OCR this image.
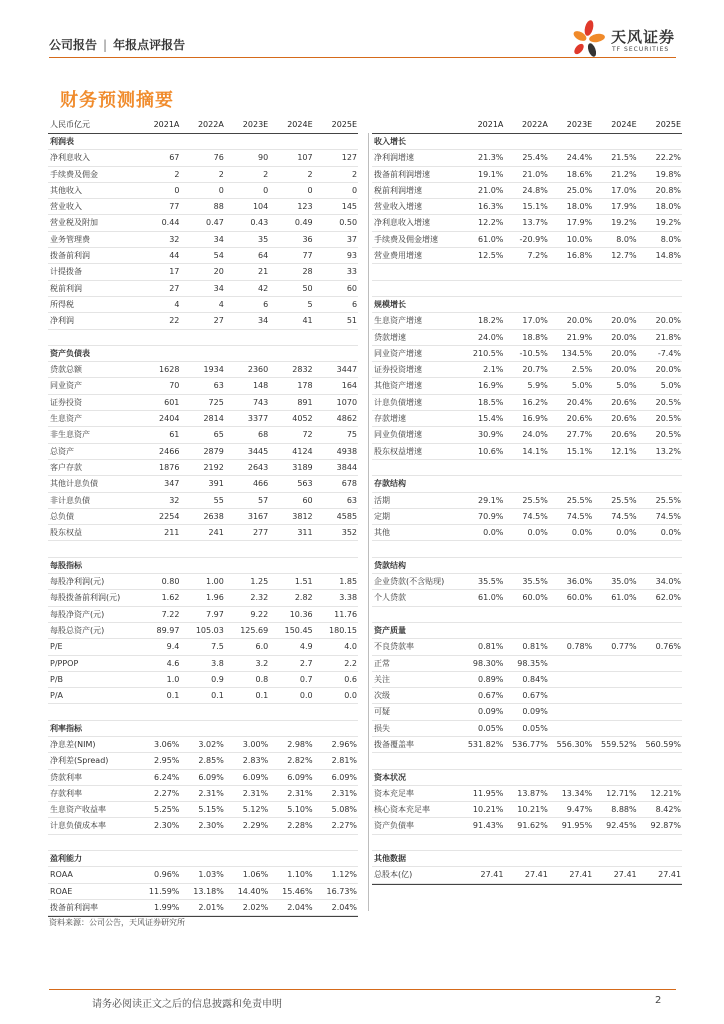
公司报告 | 年报点评报告	天风证券
TF SECURITIES
财务预测摘要
人民币亿元	2021A	2022A	2023E	2024E	2025E
利润表
净利息收入	67	76	90	107	127
手续费及佣金	2	2	2	2	2
其他收入	0	0	0	0	0
营业收入	77	88	104	123	145
营业税及附加	0.44	0.47	0.43	0.49	0.50
业务管理费	32	34	35	36	37
拨备前利润	44	54	64	77	93
计提拨备	17	20	21	28	33
税前利润	27	34	42	50	60
所得税	4	4	6	5	6
净利润	22	27	34	41	51
资产负债表
贷款总额	1628	1934	2360	2832	3447
同业资产	70	63	148	178	164
证券投资	601	725	743	891	1070
生息资产	2404	2814	3377	4052	4862
非生息资产	61	65	68	72	75
总资产	2466	2879	3445	4124	4938
客户存款	1876	2192	2643	3189	3844
其他计息负债	347	391	466	563	678
非计息负债	32	55	57	60	63
总负债	2254	2638	3167	3812	4585
股东权益	211	241	277	311	352
每股指标
每股净利润(元)	0.80	1.00	1.25	1.51	1.85
每股拨备前利润(元)	1.62	1.96	2.32	2.82	3.38
每股净资产(元)	7.22	7.97	9.22	10.36	11.76
每股总资产(元)	89.97	105.03	125.69	150.45	180.15
P/E	9.4	7.5	6.0	4.9	4.0
P/PPOP	4.6	3.8	3.2	2.7	2.2
P/B	1.0	0.9	0.8	0.7	0.6
P/A	0.1	0.1	0.1	0.0	0.0
利率指标
净息差(NIM)	3.06%	3.02%	3.00%	2.98%	2.96%
净利差(Spread)	2.95%	2.85%	2.83%	2.82%	2.81%
贷款利率	6.24%	6.09%	6.09%	6.09%	6.09%
存款利率	2.27%	2.31%	2.31%	2.31%	2.31%
生息资产收益率	5.25%	5.15%	5.12%	5.10%	5.08%
计息负债成本率	2.30%	2.30%	2.29%	2.28%	2.27%
盈利能力
ROAA	0.96%	1.03%	1.06%	1.10%	1.12%
ROAE	11.59%	13.18%	14.40%	15.46%	16.73%
拨备前利润率	1.99%	2.01%	2.02%	2.04%	2.04%
2021A	2022A	2023E	2024E	2025E
收入增长
净利润增速	21.3%	25.4%	24.4%	21.5%	22.2%
拨备前利润增速	19.1%	21.0%	18.6%	21.2%	19.8%
税前利润增速	21.0%	24.8%	25.0%	17.0%	20.8%
营业收入增速	16.3%	15.1%	18.0%	17.9%	18.0%
净利息收入增速	12.2%	13.7%	17.9%	19.2%	19.2%
手续费及佣金增速	61.0%	-20.9%	10.0%	8.0%	8.0%
营业费用增速	12.5%	7.2%	16.8%	12.7%	14.8%
规模增长
生息资产增速	18.2%	17.0%	20.0%	20.0%	20.0%
贷款增速	24.0%	18.8%	21.9%	20.0%	21.8%
同业资产增速	210.5%	-10.5%	134.5%	20.0%	-7.4%
证券投资增速	2.1%	20.7%	2.5%	20.0%	20.0%
其他资产增速	16.9%	5.9%	5.0%	5.0%	5.0%
计息负债增速	18.5%	16.2%	20.4%	20.6%	20.5%
存款增速	15.4%	16.9%	20.6%	20.6%	20.5%
同业负债增速	30.9%	24.0%	27.7%	20.6%	20.5%
股东权益增速	10.6%	14.1%	15.1%	12.1%	13.2%
存款结构
活期	29.1%	25.5%	25.5%	25.5%	25.5%
定期	70.9%	74.5%	74.5%	74.5%	74.5%
其他	0.0%	0.0%	0.0%	0.0%	0.0%
贷款结构
企业贷款(不含贴现)	35.5%	35.5%	36.0%	35.0%	34.0%
个人贷款	61.0%	60.0%	60.0%	61.0%	62.0%
资产质量
不良贷款率	0.81%	0.81%	0.78%	0.77%	0.76%
正常	98.30%	98.35%
关注	0.89%	0.84%
次级	0.67%	0.67%
可疑	0.09%	0.09%
损失	0.05%	0.05%
拨备覆盖率	531.82%	536.77%	556.30%	559.52%	560.59%
资本状况
资本充足率	11.95%	13.87%	13.34%	12.71%	12.21%
核心资本充足率	10.21%	10.21%	9.47%	8.88%	8.42%
资产负债率	91.43%	91.62%	91.95%	92.45%	92.87%
其他数据
总股本(亿)	27.41	27.41	27.41	27.41	27.41
资料来源：公司公告，天风证券研究所
请务必阅读正文之后的信息披露和免责申明	2
